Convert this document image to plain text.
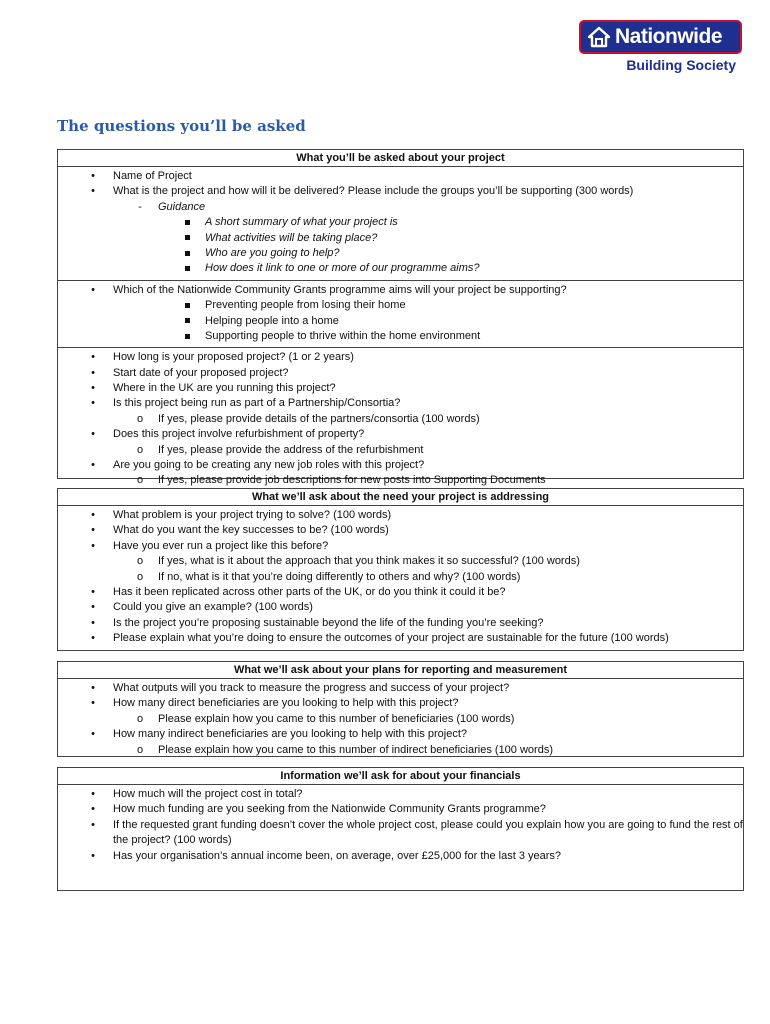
Nationwide
Building Society
The questions you’ll be asked
What you’ll be asked about your project
• Name of Project
• What is the project and how will it be delivered? Please include the groups you’ll be supporting (300 words)
- Guidance
A short summary of what your project is
What activities will be taking place?
Who are you going to help?
How does it link to one or more of our programme aims?
• Which of the Nationwide Community Grants programme aims will your project be supporting?
Preventing people from losing their home
Helping people into a home
Supporting people to thrive within the home environment
• How long is your proposed project? (1 or 2 years)
• Start date of your proposed project?
• Where in the UK are you running this project?
• Is this project being run as part of a Partnership/Consortia?
o If yes, please provide details of the partners/consortia (100 words)
• Does this project involve refurbishment of property?
o If yes, please provide the address of the refurbishment
• Are you going to be creating any new job roles with this project?
o If yes, please provide job descriptions for new posts into Supporting Documents
What we’ll ask about the need your project is addressing
• What problem is your project trying to solve? (100 words)
• What do you want the key successes to be? (100 words)
• Have you ever run a project like this before?
o If yes, what is it about the approach that you think makes it so successful? (100 words)
o If no, what is it that you’re doing differently to others and why? (100 words)
• Has it been replicated across other parts of the UK, or do you think it could it be?
• Could you give an example? (100 words)
• Is the project you’re proposing sustainable beyond the life of the funding you’re seeking?
• Please explain what you’re doing to ensure the outcomes of your project are sustainable for the future (100 words)
What we’ll ask about your plans for reporting and measurement
• What outputs will you track to measure the progress and success of your project?
• How many direct beneficiaries are you looking to help with this project?
o Please explain how you came to this number of beneficiaries (100 words)
• How many indirect beneficiaries are you looking to help with this project?
o Please explain how you came to this number of indirect beneficiaries (100 words)
Information we’ll ask for about your financials
• How much will the project cost in total?
• How much funding are you seeking from the Nationwide Community Grants programme?
• If the requested grant funding doesn’t cover the whole project cost, please could you explain how you are going to fund the rest of the project? (100 words)
• Has your organisation’s annual income been, on average, over £25,000 for the last 3 years?
